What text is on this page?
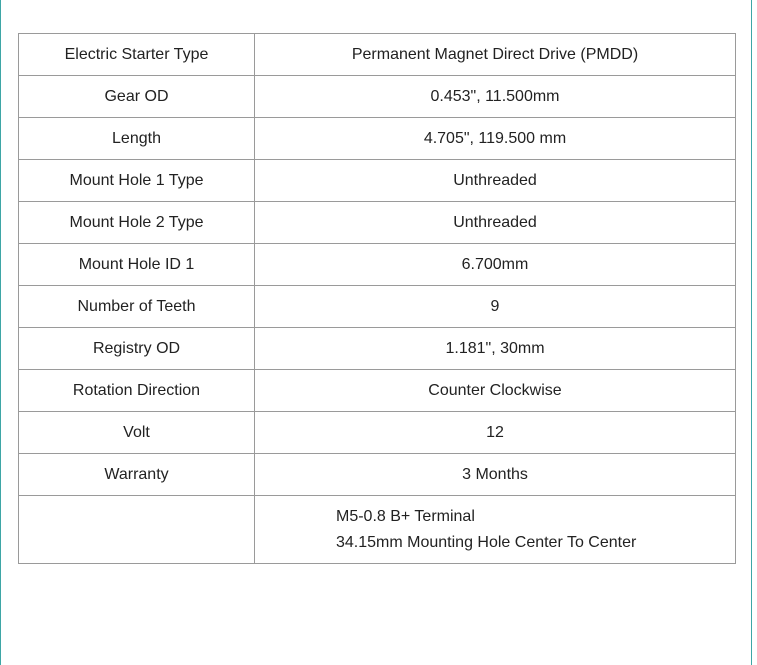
Electric Starter Type	Permanent Magnet Direct Drive (PMDD)
Gear OD	0.453", 11.500mm
Length	4.705", 119.500 mm
Mount Hole 1 Type	Unthreaded
Mount Hole 2 Type	Unthreaded
Mount Hole ID 1	6.700mm
Number of Teeth	9
Registry OD	1.181", 30mm
Rotation Direction	Counter Clockwise
Volt	12
Warranty	3 Months

	M5-0.8 B+ Terminal
34.15mm Mounting Hole Center To Center
